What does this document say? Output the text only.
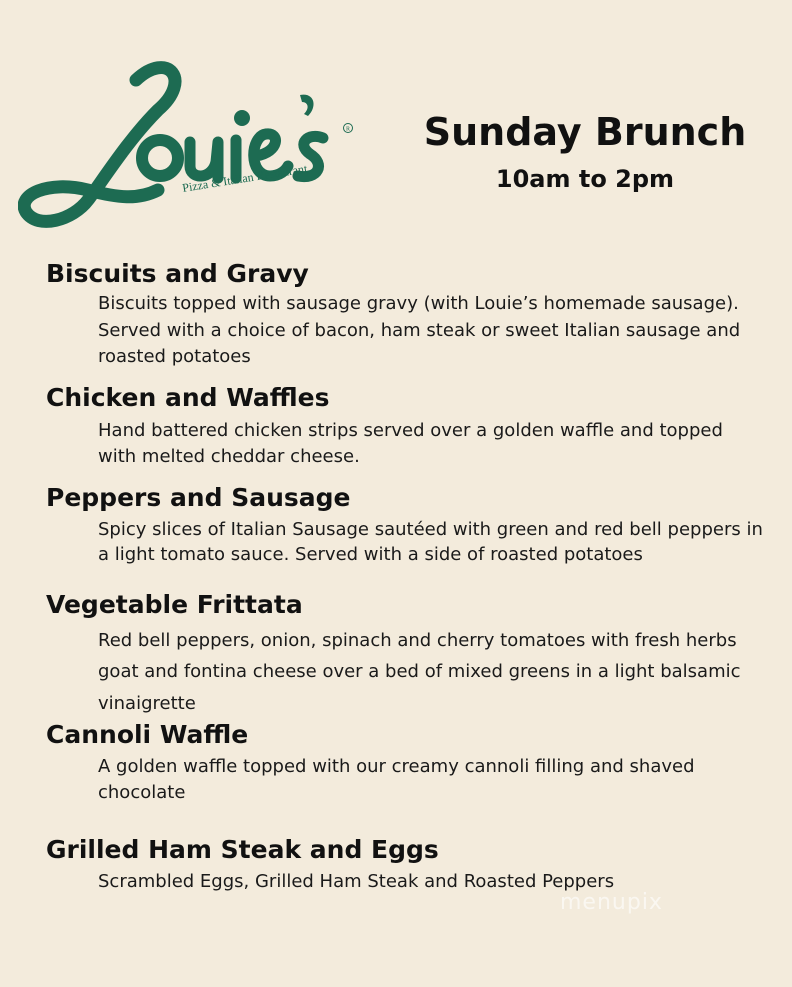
R
Pizza & Italian Restaurant
Sunday Brunch
10am to 2pm
Biscuits and Gravy
Biscuits topped with sausage gravy (with Louie’s homemade sausage).
Served with a choice of bacon, ham steak or sweet Italian sausage and
roasted potatoes
Chicken and Waffles
Hand battered chicken strips served over a golden waffle and topped
with melted cheddar cheese.
Peppers and Sausage
Spicy slices of Italian Sausage sautéed with green and red bell peppers in
a light tomato sauce. Served with a side of roasted potatoes
Vegetable Frittata
Red bell peppers, onion, spinach and cherry tomatoes with fresh herbs
goat and fontina cheese over a bed of mixed greens in a light balsamic
vinaigrette
Cannoli Waffle
A golden waffle topped with our creamy cannoli filling and shaved
chocolate
Grilled Ham Steak and Eggs
Scrambled Eggs, Grilled Ham Steak and Roasted Peppers
menupix
